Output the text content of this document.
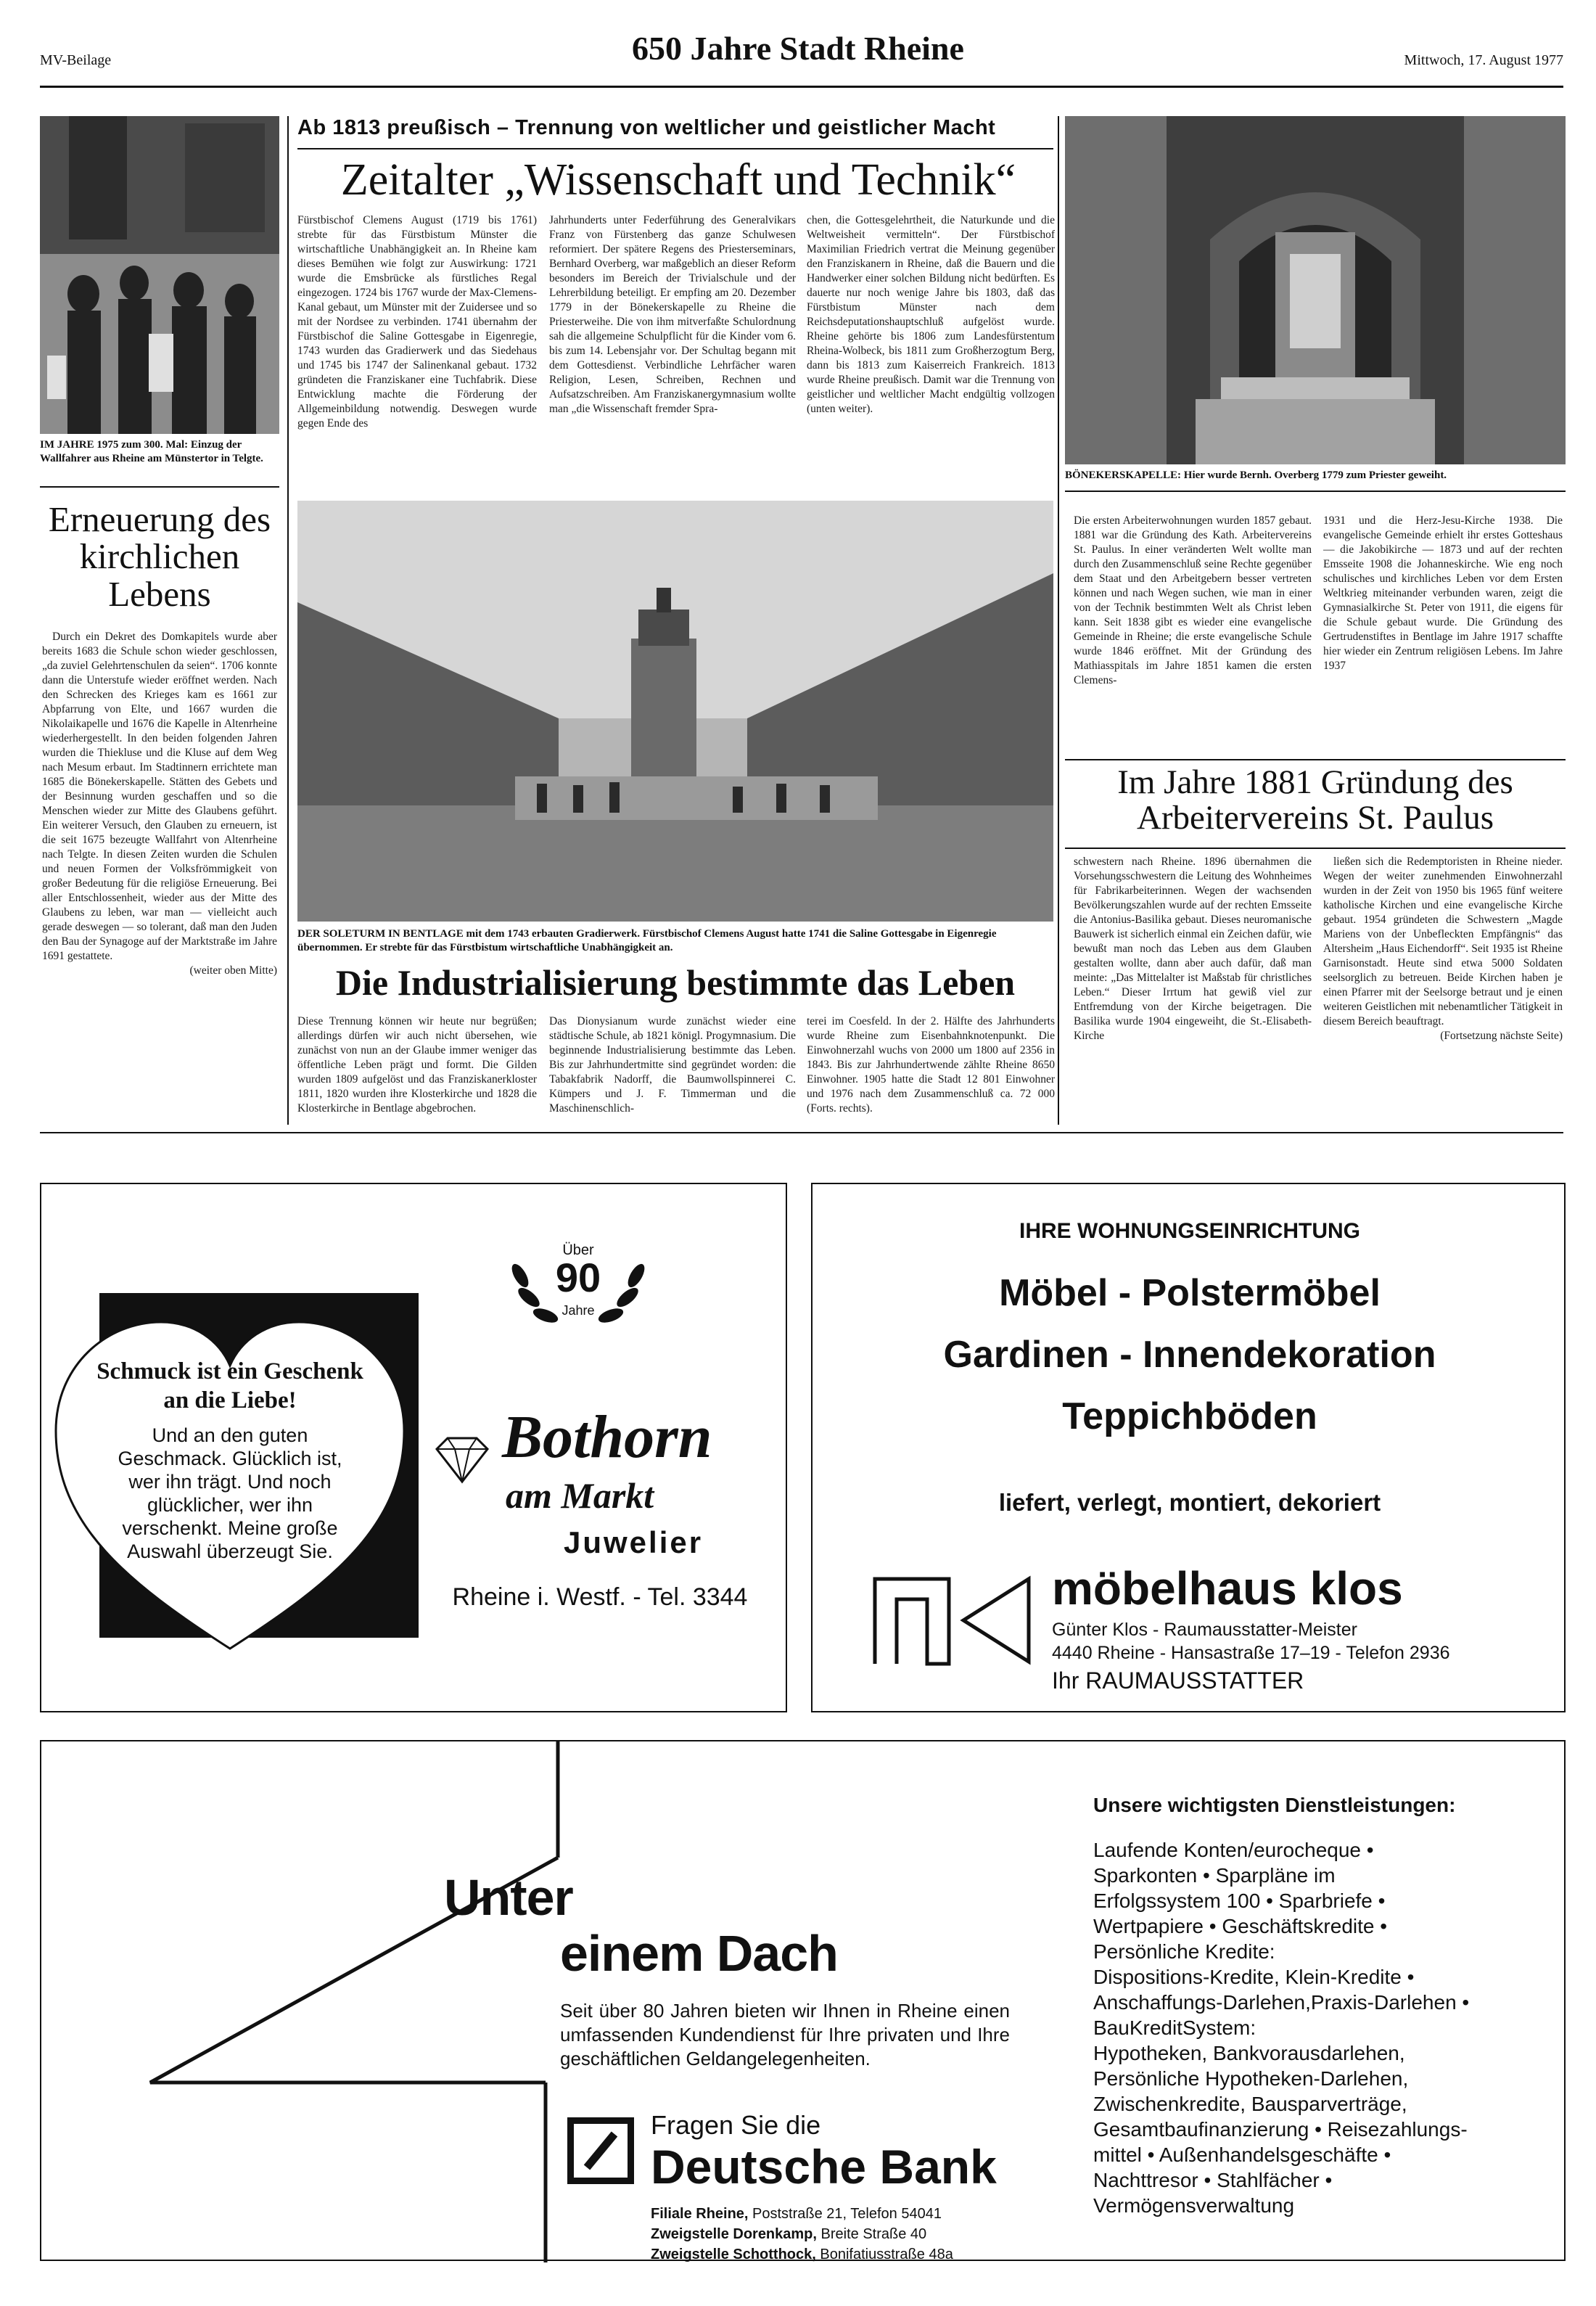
MV-Beilage	650 Jahre Stadt Rheine	Mittwoch, 17. August 1977
IM JAHRE 1975 zum 300. Mal: Einzug der Wallfahrer aus Rheine am Münstertor in Telgte.
Erneuerung des kirchlichen Lebens

Durch ein Dekret des Domkapitels wurde aber bereits 1683 die Schule schon wieder geschlossen, „da zuviel Gelehrtenschulen da seien“. 1706 konnte dann die Unterstufe wieder eröffnet werden. Nach den Schrecken des Krieges kam es 1661 zur Abpfarrung von Elte, und 1667 wurden die Nikolaikapelle und 1676 die Kapelle in Altenrheine wiederhergestellt. In den beiden folgenden Jahren wurden die Thiekluse und die Kluse auf dem Weg nach Mesum erbaut. Im Stadtinnern errichtete man 1685 die Bönekerskapelle. Stätten des Gebets und der Besinnung wurden geschaffen und so die Menschen wieder zur Mitte des Glaubens geführt. Ein weiterer Versuch, den Glauben zu erneuern, ist die seit 1675 bezeugte Wallfahrt von Altenrheine nach Telgte. In diesen Zeiten wurden die Schulen und neuen Formen der Volksfrömmigkeit von großer Bedeutung für die religiöse Erneuerung. Bei aller Entschlossenheit, wieder aus der Mitte des Glaubens zu leben, war man — vielleicht auch gerade deswegen — so tolerant, daß man den Juden den Bau der Synagoge auf der Marktstraße im Jahre 1691 gestattete.

(weiter oben Mitte)
Ab 1813 preußisch – Trennung von weltlicher und geistlicher Macht
Zeitalter „Wissenschaft und Technik“
Fürstbischof Clemens August (1719 bis 1761) strebte für das Fürstbistum Münster die wirtschaftliche Unabhängigkeit an. In Rheine kam dieses Bemühen wie folgt zur Auswirkung: 1721 wurde die Emsbrücke als fürstliches Regal eingezogen. 1724 bis 1767 wurde der Max-Clemens-Kanal gebaut, um Münster mit der Zuidersee und so mit der Nordsee zu verbinden. 1741 übernahm der Fürstbischof die Saline Gottesgabe in Eigenregie, 1743 wurden das Gradierwerk und das Siedehaus und 1745 bis 1747 der Salinenkanal gebaut. 1732 gründeten die Franziskaner eine Tuchfabrik. Diese Entwicklung machte die Förderung der Allgemeinbildung notwendig. Deswegen wurde gegen Ende des
Jahrhunderts unter Federführung des Generalvikars Franz von Fürstenberg das ganze Schulwesen reformiert. Der spätere Regens des Priesterseminars, Bernhard Overberg, war maßgeblich an dieser Reform besonders im Bereich der Trivialschule und der Lehrerbildung beteiligt. Er empfing am 20. Dezember 1779 in der Bönekerskapelle zu Rheine die Priesterweihe. Die von ihm mitverfaßte Schulordnung sah die allgemeine Schulpflicht für die Kinder vom 6. bis zum 14. Lebensjahr vor. Der Schultag begann mit dem Gottesdienst. Verbindliche Lehrfächer waren Religion, Lesen, Schreiben, Rechnen und Aufsatzschreiben. Am Franziskanergymnasium wollte man „die Wissenschaft fremder Spra-
chen, die Gottesgelehrtheit, die Naturkunde und die Weltweisheit vermitteln“. Der Fürstbischof Maximilian Friedrich vertrat die Meinung gegenüber den Franziskanern in Rheine, daß die Bauern und die Handwerker einer solchen Bildung nicht bedürften. Es dauerte nur noch wenige Jahre bis 1803, daß das Fürstbistum Münster nach dem Reichsdeputationshauptschluß aufgelöst wurde. Rheine gehörte bis 1806 zum Landesfürstentum Rheina-Wolbeck, bis 1811 zum Großherzogtum Berg, dann bis 1813 zum Kaiserreich Frankreich. 1813 wurde Rheine preußisch. Damit war die Trennung von geistlicher und weltlicher Macht endgültig vollzogen (unten weiter).
BÖNEKERSKAPELLE: Hier wurde Bernh. Overberg 1779 zum Priester geweiht.
DER SOLETURM IN BENTLAGE mit dem 1743 erbauten Gradierwerk. Fürstbischof Clemens August hatte 1741 die Saline Gottesgabe in Eigenregie übernommen. Er strebte für das Fürstbistum wirtschaftliche Unabhängigkeit an.
Die Industrialisierung bestimmte das Leben
Diese Trennung können wir heute nur begrüßen; allerdings dürfen wir auch nicht übersehen, wie zunächst von nun an der Glaube immer weniger das öffentliche Leben prägt und formt. Die Gilden wurden 1809 aufgelöst und das Franziskanerkloster 1811, 1820 wurden ihre Klosterkirche und 1828 die Klosterkirche in Bentlage abgebrochen.
Das Dionysianum wurde zunächst wieder eine städtische Schule, ab 1821 königl. Progymnasium. Die beginnende Industrialisierung bestimmte das Leben. Bis zur Jahrhundertmitte sind gegründet worden: die Tabakfabrik Nadorff, die Baumwollspinnerei C. Kümpers und J. F. Timmerman und die Maschinenschlich-
terei im Coesfeld. In der 2. Hälfte des Jahrhunderts wurde Rheine zum Eisenbahnknotenpunkt. Die Einwohnerzahl wuchs von 2000 um 1800 auf 2356 in 1843. Bis zur Jahrhundertwende zählte Rheine 8650 Einwohner. 1905 hatte die Stadt 12 801 Einwohner und 1976 nach dem Zusammenschluß ca. 72 000 (Forts. rechts).
Die ersten Arbeiterwohnungen wurden 1857 gebaut. 1881 war die Gründung des Kath. Arbeitervereins St. Paulus. In einer veränderten Welt wollte man durch den Zusammenschluß seine Rechte gegenüber dem Staat und den Arbeitgebern besser vertreten können und nach Wegen suchen, wie man in einer von der Technik bestimmten Welt als Christ leben kann. Seit 1838 gibt es wieder eine evangelische Gemeinde in Rheine; die erste evangelische Schule wurde 1846 eröffnet. Mit der Gründung des Mathiasspitals im Jahre 1851 kamen die ersten Clemens-
1931 und die Herz-Jesu-Kirche 1938. Die evangelische Gemeinde erhielt ihr erstes Gotteshaus — die Jakobikirche — 1873 und auf der rechten Emsseite 1908 die Johanneskirche. Wie eng noch schulisches und kirchliches Leben vor dem Ersten Weltkrieg miteinander verbunden waren, zeigt die Gymnasialkirche St. Peter von 1911, die eigens für die Schule gebaut wurde. Die Gründung des Gertrudenstiftes in Bentlage im Jahre 1917 schaffte hier wieder ein Zentrum religiösen Lebens. Im Jahre 1937
Im Jahre 1881 Gründung des Arbeitervereins St. Paulus
schwestern nach Rheine. 1896 übernahmen die Vorsehungsschwestern die Leitung des Wohnheimes für Fabrikarbeiterinnen. Wegen der wachsenden Bevölkerungszahlen wurde auf der rechten Emsseite die Antonius-Basilika gebaut. Dieses neuromanische Bauwerk ist sicherlich einmal ein Zeichen dafür, wie bewußt man noch das Leben aus dem Glauben gestalten wollte, dann aber auch dafür, daß man meinte: „Das Mittelalter ist Maßstab für christliches Leben.“ Dieser Irrtum hat gewiß viel zur Entfremdung von der Kirche beigetragen. Die Basilika wurde 1904 eingeweiht, die St.-Elisabeth-Kirche

ließen sich die Redemptoristen in Rheine nieder. Wegen der weiter zunehmenden Einwohnerzahl wurden in der Zeit von 1950 bis 1965 fünf weitere katholische Kirchen und eine evangelische Kirche gebaut. 1954 gründeten die Schwestern „Magde Mariens von der Unbefleckten Empfängnis“ das Altersheim „Haus Eichendorff“. Seit 1935 ist Rheine Garnisonstadt. Heute sind etwa 5000 Soldaten seelsorglich zu betreuen. Beide Kirchen haben je einen Pfarrer mit der Seelsorge betraut und je einen weiteren Geistlichen mit nebenamtlicher Tätigkeit in diesem Bereich beauftragt.

(Fortsetzung nächste Seite)
Schmuck ist ein Geschenk an die Liebe!
Und an den guten Geschmack. Glücklich ist, wer ihn trägt. Und noch glücklicher, wer ihn verschenkt. Meine große Auswahl überzeugt Sie.
Über
90
Jahre
Bothorn
am Markt
Juwelier
Rheine i. Westf. - Tel. 3344
IHRE WOHNUNGSEINRICHTUNG
Möbel - Polstermöbel
Gardinen - Innendekoration
Teppichböden
liefert, verlegt, montiert, dekoriert
möbelhaus klos
Günter Klos - Raumausstatter-Meister
4440 Rheine - Hansastraße 17–19 - Telefon 2936
Ihr RAUMAUSSTATTER
Unter
einem Dach
Seit über 80 Jahren bieten wir Ihnen in Rheine einen umfassenden Kundendienst für Ihre privaten und Ihre geschäftlichen Geldangelegenheiten.
Fragen Sie die
Deutsche Bank
Filiale Rheine, Poststraße 21, Telefon 54041
Zweigstelle Dorenkamp, Breite Straße 40
Zweigstelle Schotthock, Bonifatiusstraße 48a
Unsere wichtigsten Dienstleistungen:
Laufende Konten/eurocheque •
Sparkonten • Sparpläne im
Erfolgssystem 100 • Sparbriefe •
Wertpapiere • Geschäftskredite •
Persönliche Kredite:
Dispositions-Kredite, Klein-Kredite •
Anschaffungs-Darlehen,Praxis-Darlehen •
BauKreditSystem:
Hypotheken, Bankvorausdarlehen,
Persönliche Hypotheken-Darlehen,
Zwischenkredite, Bausparverträge,
Gesamtbaufinanzierung • Reisezahlungs-
mittel • Außenhandelsgeschäfte •
Nachttresor • Stahlfächer •
Vermögensverwaltung
